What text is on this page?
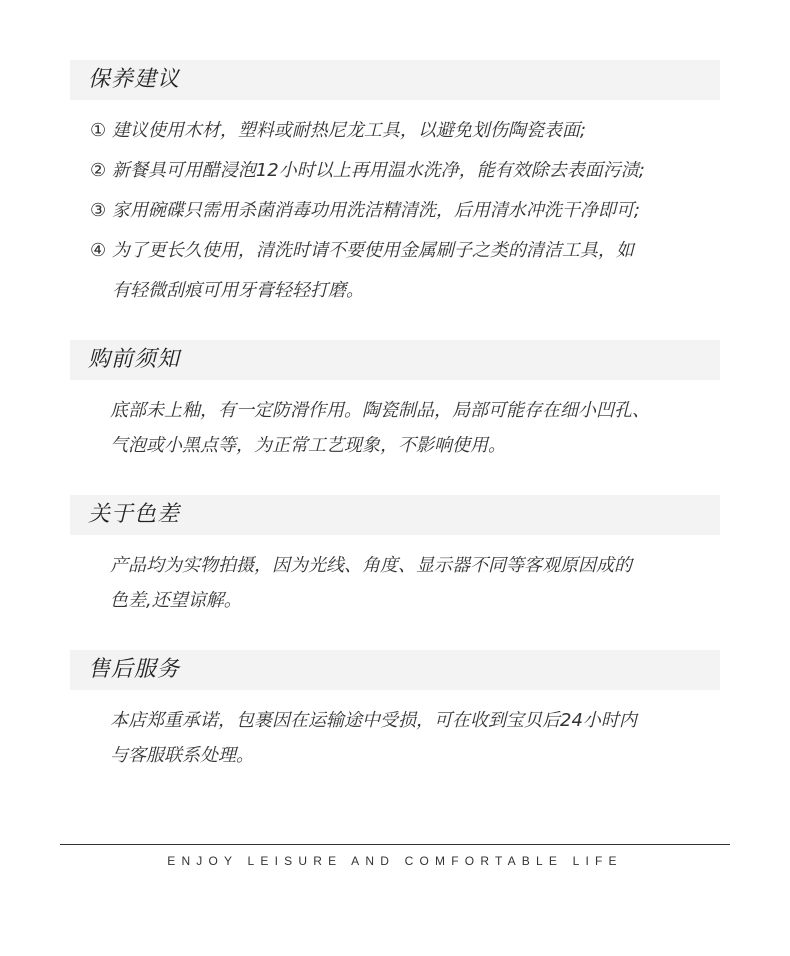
保养建议
① 建议使用木材，塑料或耐热尼龙工具，以避免划伤陶瓷表面;
② 新餐具可用醋浸泡12小时以上再用温水洗净，能有效除去表面污渍;
③ 家用碗碟只需用杀菌消毒功用洗洁精清洗，后用清水冲洗干净即可;
④ 为了更长久使用，清洗时请不要使用金属刷子之类的清洁工具，如
有轻微刮痕可用牙膏轻轻打磨。
购前须知
底部未上釉，有一定防滑作用。陶瓷制品，局部可能存在细小凹孔、
气泡或小黑点等，为正常工艺现象，不影响使用。
关于色差
产品均为实物拍摄，因为光线、角度、显示器不同等客观原因成的
色差,还望谅解。
售后服务
本店郑重承诺，包裹因在运输途中受损，可在收到宝贝后24小时内
与客服联系处理。
ENJOY LEISURE AND COMFORTABLE LIFE
